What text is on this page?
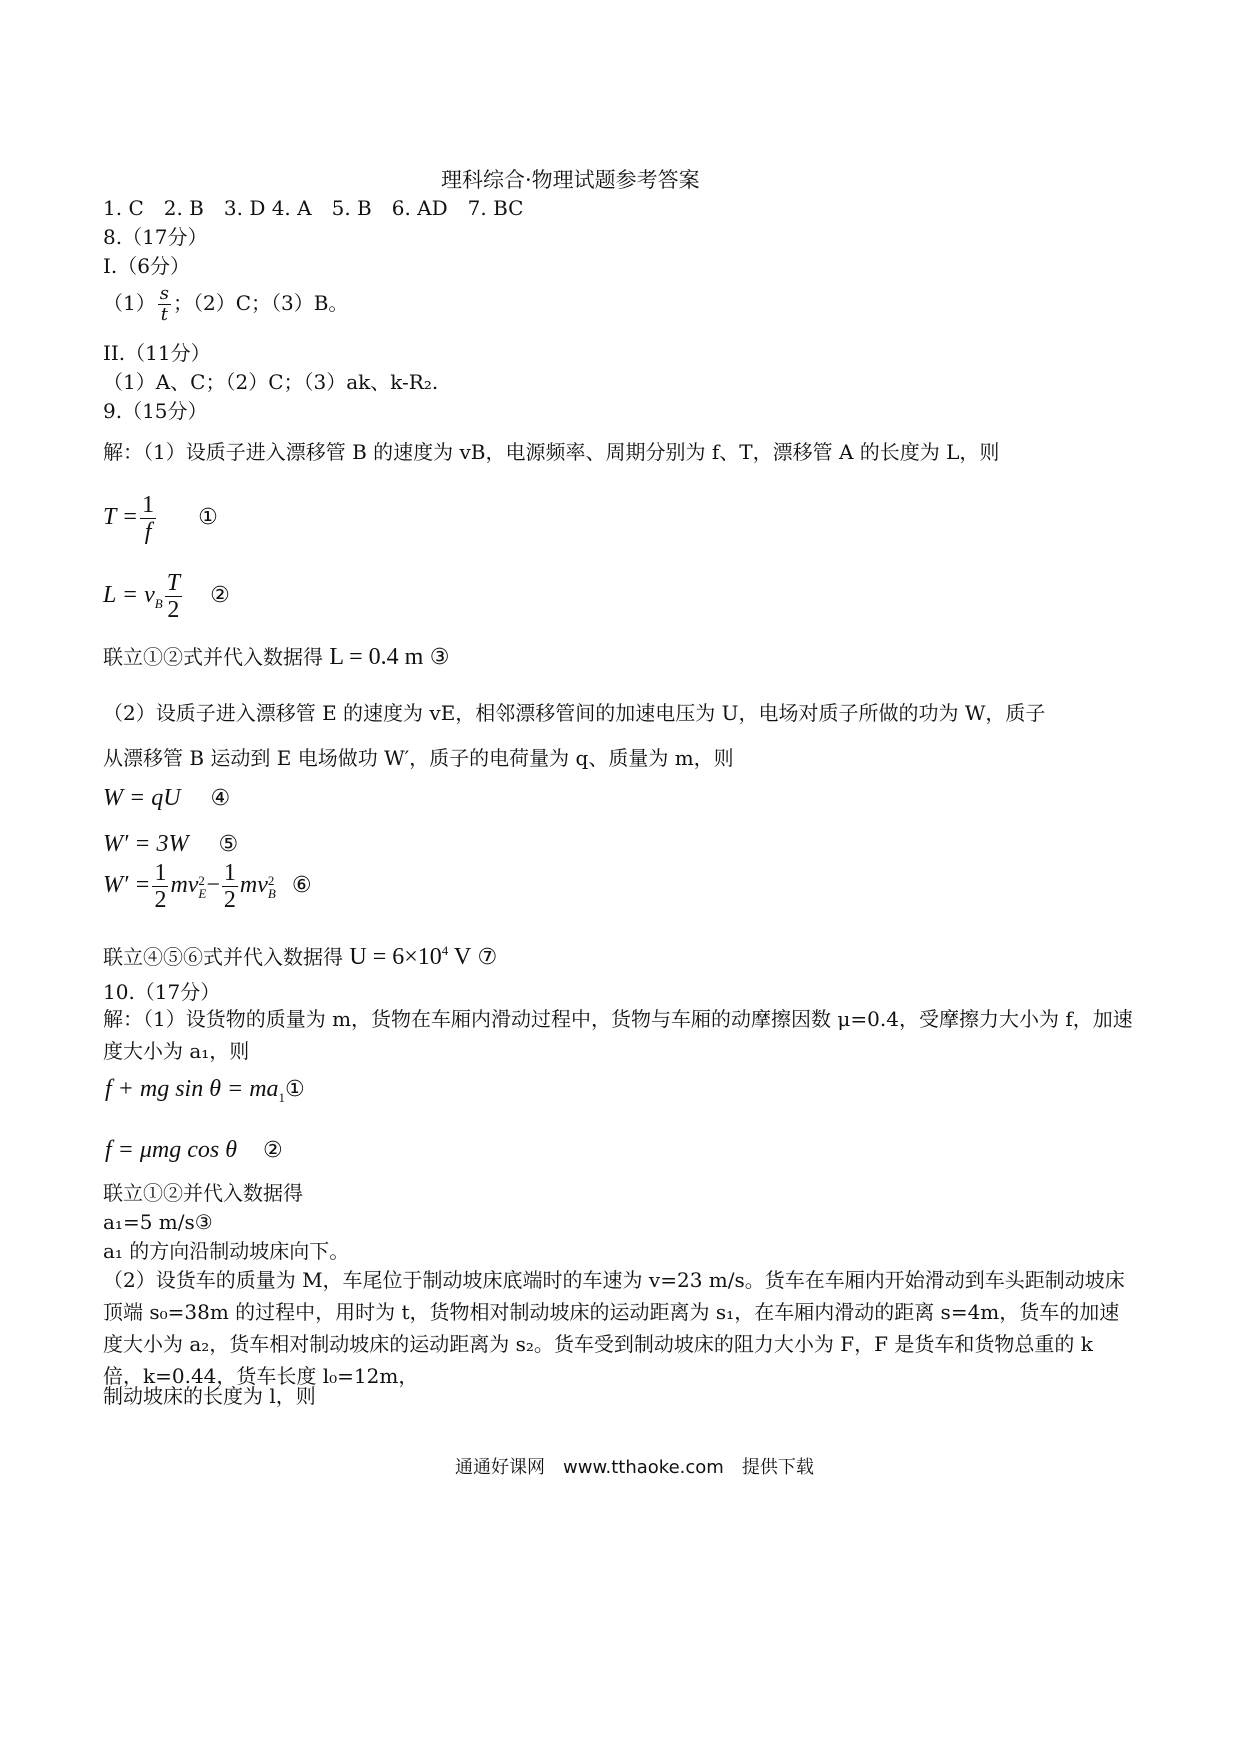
理科综合·物理试题参考答案
1. C　2. B　3. D 4. A　5. B　6. AD　7. BC
8.（17分）
I.（6分）
$(1) \frac{s}{t}$ ；（2）C；（3）B。
II.（11分）
（1）A、C；（2）C；（3）ak、k-R₂.
9.（15分）
解：（1）设质子进入漂移管 B 的速度为 vB，电源频率、周期分别为 f、T，漂移管 A 的长度为 L，则
$T = \frac{1}{f}$ ①
$L = v_B \frac{T}{2}$ ②
联立①②式并代入数据得 L = 0.4 m ③
（2）设质子进入漂移管 E 的速度为 vE，相邻漂移管间的加速电压为 U，电场对质子所做的功为 W，质子
从漂移管 B 运动到 E 电场做功 W′，质子的电荷量为 q、质量为 m，则
W = qU ④
W′ = 3W ⑤
$W' = \frac{1}{2}$ mv 2
$E - \frac{1}{2}$ mv 2
B ⑥
联立④⑤⑥式并代入数据得 $U = 6\times 10^4$ V ⑦
10.（17分）
解：（1）设货物的质量为 m，货物在车厢内滑动过程中，货物与车厢的动摩擦因数 μ=0.4，受摩擦力大小为 f，加速度大小为 a₁，则
f + mg $\sin \theta = ma_1①$
f = μmg cos θ ②
联立①②并代入数据得
a₁=5 m/s③
a₁ 的方向沿制动坡床向下。
（2）设货车的质量为 M，车尾位于制动坡床底端时的车速为 v=23 m/s。货车在车厢内开始滑动到车头距制动坡床顶端 s₀=38m 的过程中，用时为 t，货物相对制动坡床的运动距离为 s₁，在车厢内滑动的距离 s=4m，货车的加速度大小为 a₂，货车相对制动坡床的运动距离为 s₂。货车受到制动坡床的阻力大小为 F，F 是货车和货物总重的 k 倍，k=0.44，货车长度 l₀=12m，
制动坡床的长度为 l，则
通通好课网　www.tthaoke.com　提供下载
